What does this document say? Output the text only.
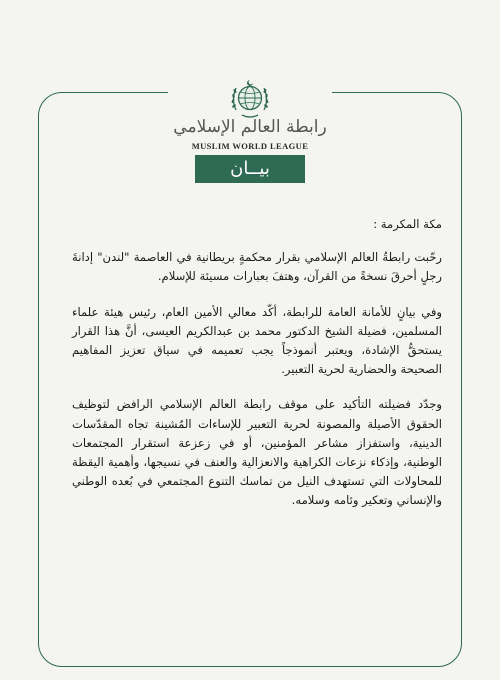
رابطة العالم الإسلامي
MUSLIM WORLD LEAGUE
بيــان

مكة المكرمة :

رحّبت رابطةُ العالم الإسلامي بقرار محكمةٍ بريطانية في العاصمة "لندن" إدانةَ رجلٍ أحرقَ نسخةً من القرآن، وهتفَ بعبارات مسيئة للإسلام.

وفي بيانٍ للأمانة العامة للرابطة، أكّد معالي الأمين العام، رئيس هيئة علماء المسلمين، فضيلة الشيخ الدكتور محمد بن عبدالكريم العيسى، أنَّ هذا القرار يستحقُّ الإشادة، ويعتبر أنموذجاً يجب تعميمه في سياق تعزيز المفاهيم الصحيحة والحضارية لحرية التعبير.

وجدّد فضيلته التأكيد على موقف رابطة العالم الإسلامي الرافض لتوظيف الحقوق الأصيلة والمصونة لحرية التعبير للإساءات المُشينة تجاه المقدّسات الدينية، واستفزاز مشاعر المؤمنين، أو في زعزعة استقرار المجتمعات الوطنية، وإذكاء نزعات الكراهية والانعزالية والعنف في نسيجها، وأهمية اليقظة للمحاولات التي تستهدف النيل من تماسك التنوع المجتمعي في بُعده الوطني والإنساني وتعكير وئامه وسلامه.
